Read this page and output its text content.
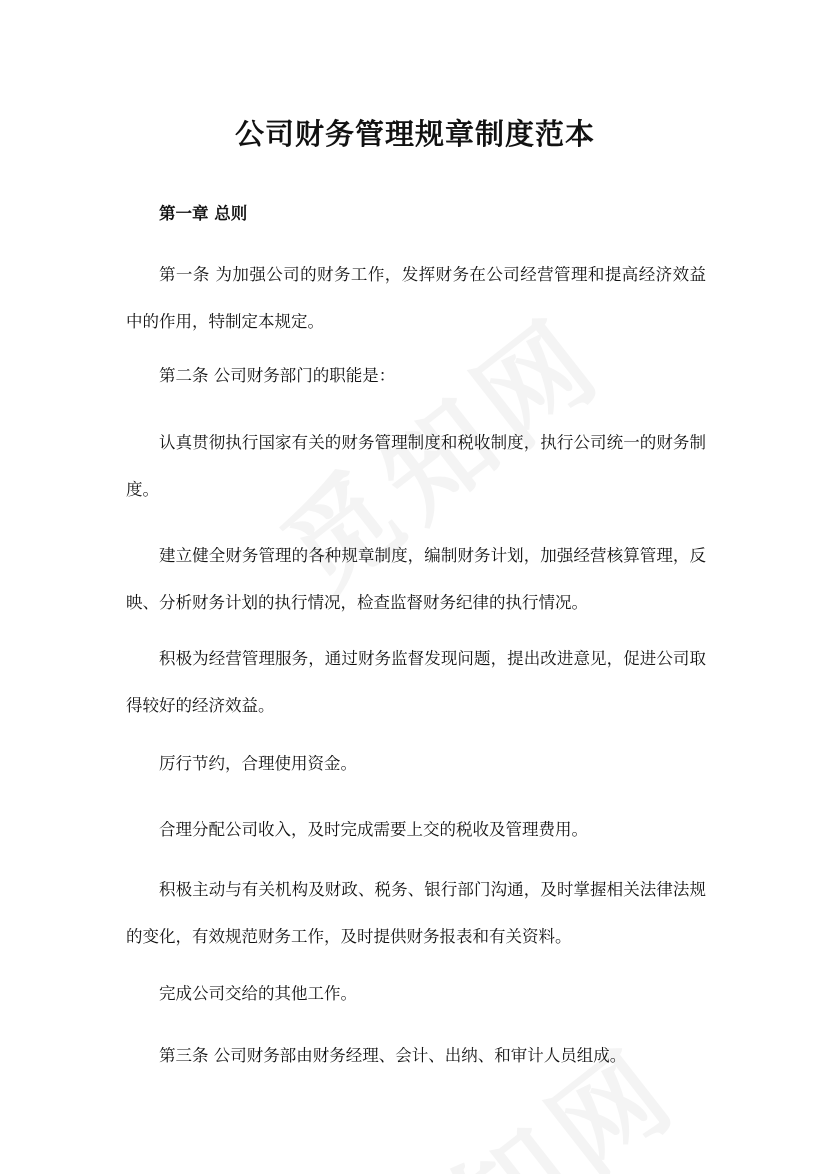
公司财务管理规章制度范本

第一章 总则

第一条 为加强公司的财务工作，发挥财务在公司经营管理和提高经济效益中的作用，特制定本规定。

第二条 公司财务部门的职能是：

认真贯彻执行国家有关的财务管理制度和税收制度，执行公司统一的财务制度。

建立健全财务管理的各种规章制度，编制财务计划，加强经营核算管理，反映、分析财务计划的执行情况，检查监督财务纪律的执行情况。

积极为经营管理服务，通过财务监督发现问题，提出改进意见，促进公司取得较好的经济效益。

厉行节约，合理使用资金。

合理分配公司收入，及时完成需要上交的税收及管理费用。

积极主动与有关机构及财政、税务、银行部门沟通，及时掌握相关法律法规的变化，有效规范财务工作，及时提供财务报表和有关资料。

完成公司交给的其他工作。

第三条 公司财务部由财务经理、会计、出纳、和审计人员组成。
